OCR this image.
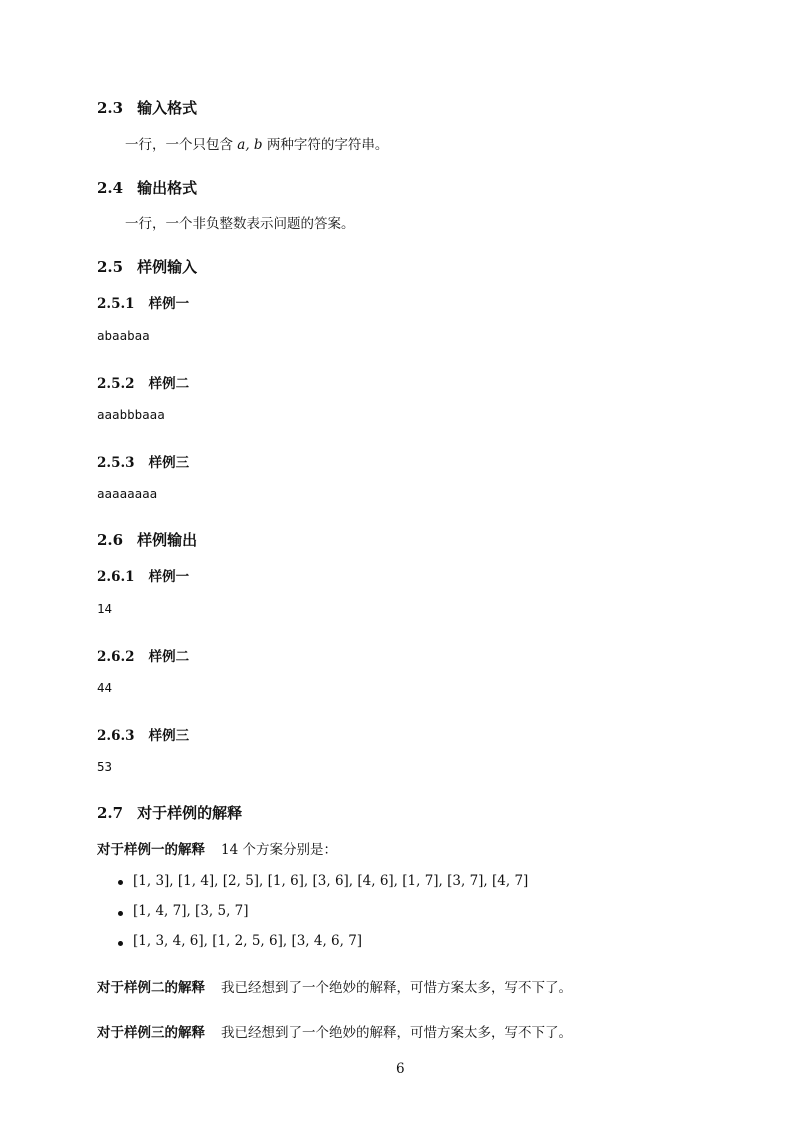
2.3 输入格式
一行，一个只包含 a, b 两种字符的字符串。
2.4 输出格式
一行，一个非负整数表示问题的答案。
2.5 样例输入
2.5.1 样例一
abaabaa
2.5.2 样例二
aaabbbaaa
2.5.3 样例三
aaaaaaaa
2.6 样例输出
2.6.1 样例一
14
2.6.2 样例二
44
2.6.3 样例三
53
2.7 对于样例的解释
对于样例一的解释 14 个方案分别是：
[1, 3], [1, 4], [2, 5], [1, 6], [3, 6], [4, 6], [1, 7], [3, 7], [4, 7]
[1, 4, 7], [3, 5, 7]
[1, 3, 4, 6], [1, 2, 5, 6], [3, 4, 6, 7]
对于样例二的解释 我已经想到了一个绝妙的解释，可惜方案太多，写不下了。
对于样例三的解释 我已经想到了一个绝妙的解释，可惜方案太多，写不下了。
6
